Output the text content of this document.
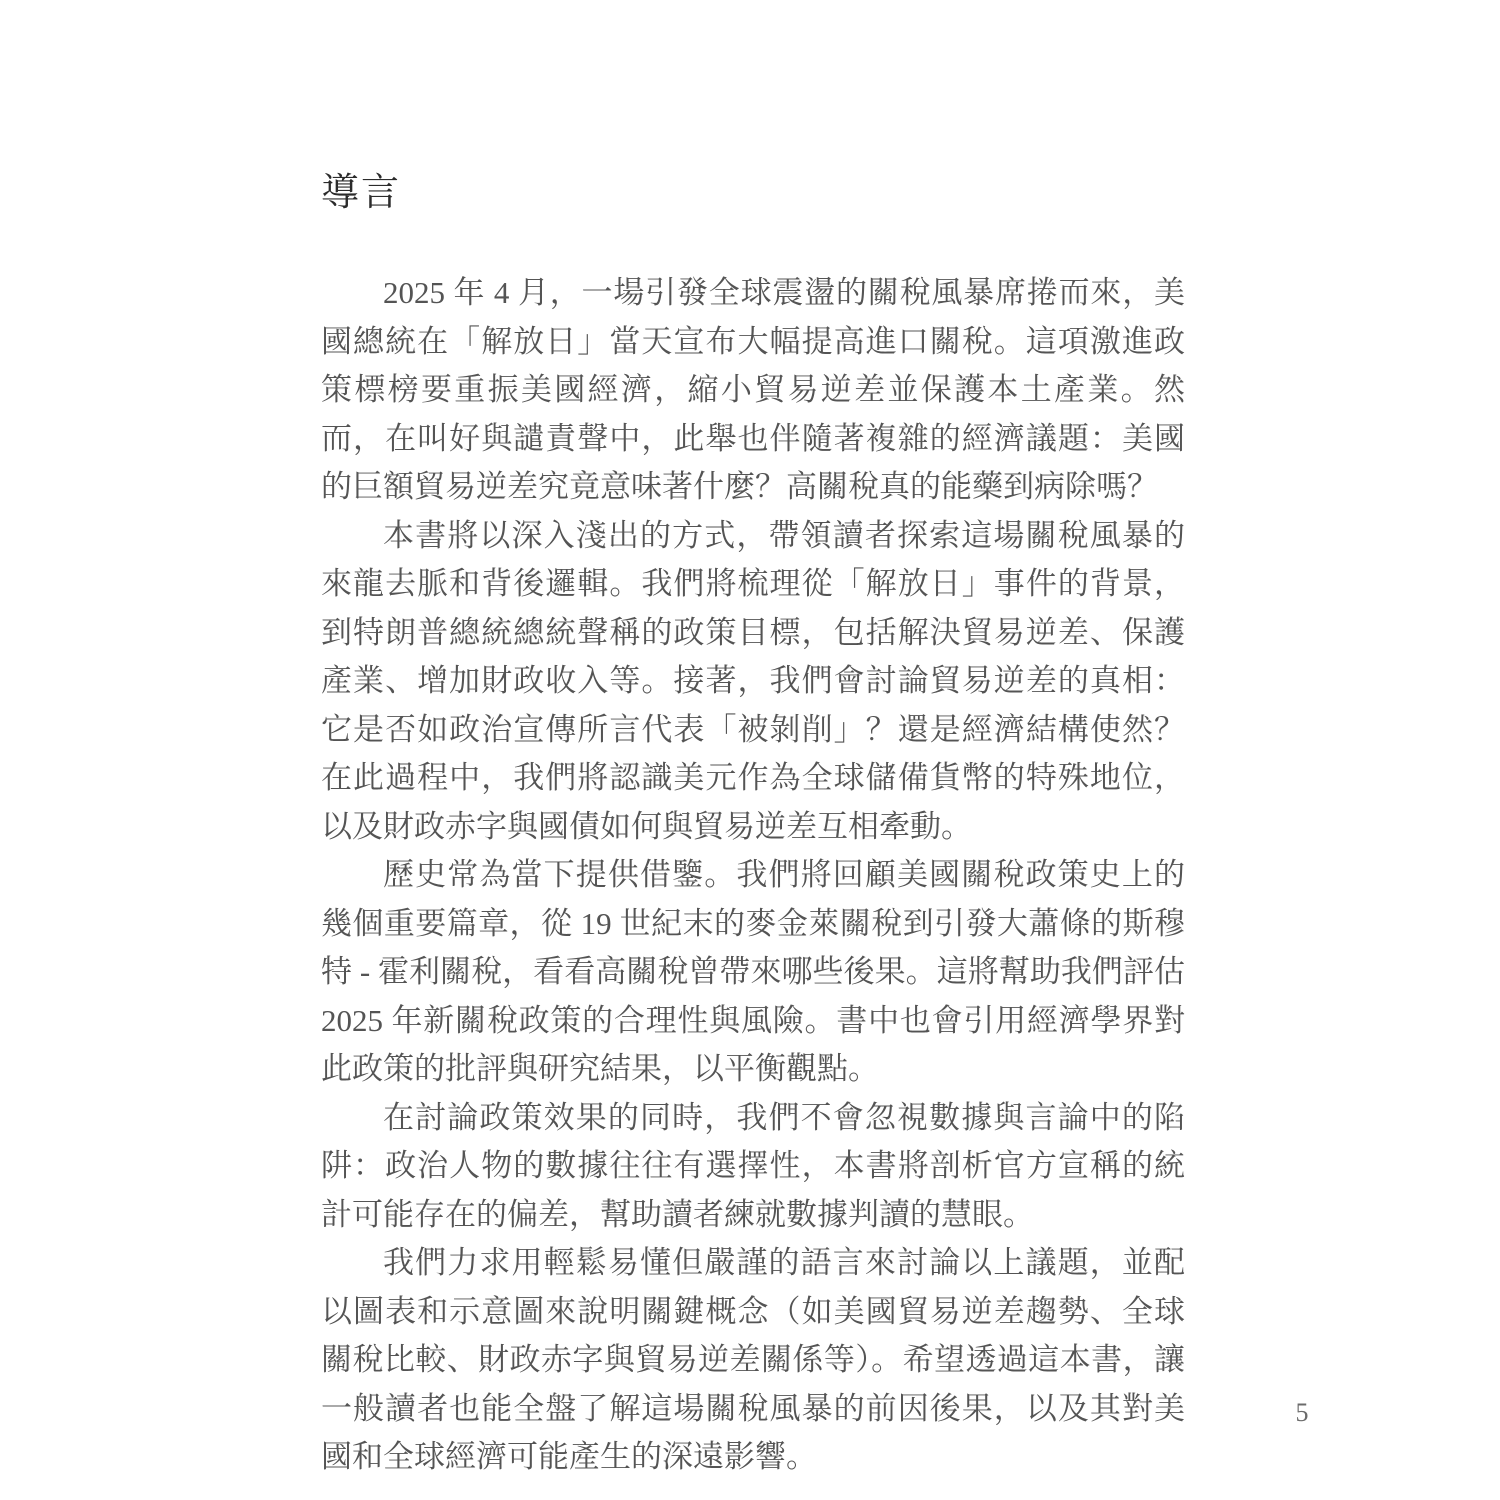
導言

2025 年 4 月，一場引發全球震盪的關稅風暴席捲而來，美國總統在「解放日」當天宣布大幅提高進口關稅。這項激進政策標榜要重振美國經濟，縮小貿易逆差並保護本土產業。然而，在叫好與譴責聲中，此舉也伴隨著複雜的經濟議題：美國的巨額貿易逆差究竟意味著什麼？高關稅真的能藥到病除嗎？

本書將以深入淺出的方式，帶領讀者探索這場關稅風暴的來龍去脈和背後邏輯。我們將梳理從「解放日」事件的背景，到特朗普總統總統聲稱的政策目標，包括解決貿易逆差、保護產業、增加財政收入等。接著，我們會討論貿易逆差的真相：它是否如政治宣傳所言代表「被剝削」？還是經濟結構使然？在此過程中，我們將認識美元作為全球儲備貨幣的特殊地位，以及財政赤字與國債如何與貿易逆差互相牽動。

歷史常為當下提供借鑒。我們將回顧美國關稅政策史上的幾個重要篇章，從 19 世紀末的麥金萊關稅到引發大蕭條的斯穆特 - 霍利關稅，看看高關稅曾帶來哪些後果。這將幫助我們評估 2025 年新關稅政策的合理性與風險。書中也會引用經濟學界對此政策的批評與研究結果，以平衡觀點。

在討論政策效果的同時，我們不會忽視數據與言論中的陷阱：政治人物的數據往往有選擇性，本書將剖析官方宣稱的統計可能存在的偏差，幫助讀者練就數據判讀的慧眼。

我們力求用輕鬆易懂但嚴謹的語言來討論以上議題，並配以圖表和示意圖來說明關鍵概念（如美國貿易逆差趨勢、全球關稅比較、財政赤字與貿易逆差關係等）。希望透過這本書，讓一般讀者也能全盤了解這場關稅風暴的前因後果，以及其對美國和全球經濟可能產生的深遠影響。

5
